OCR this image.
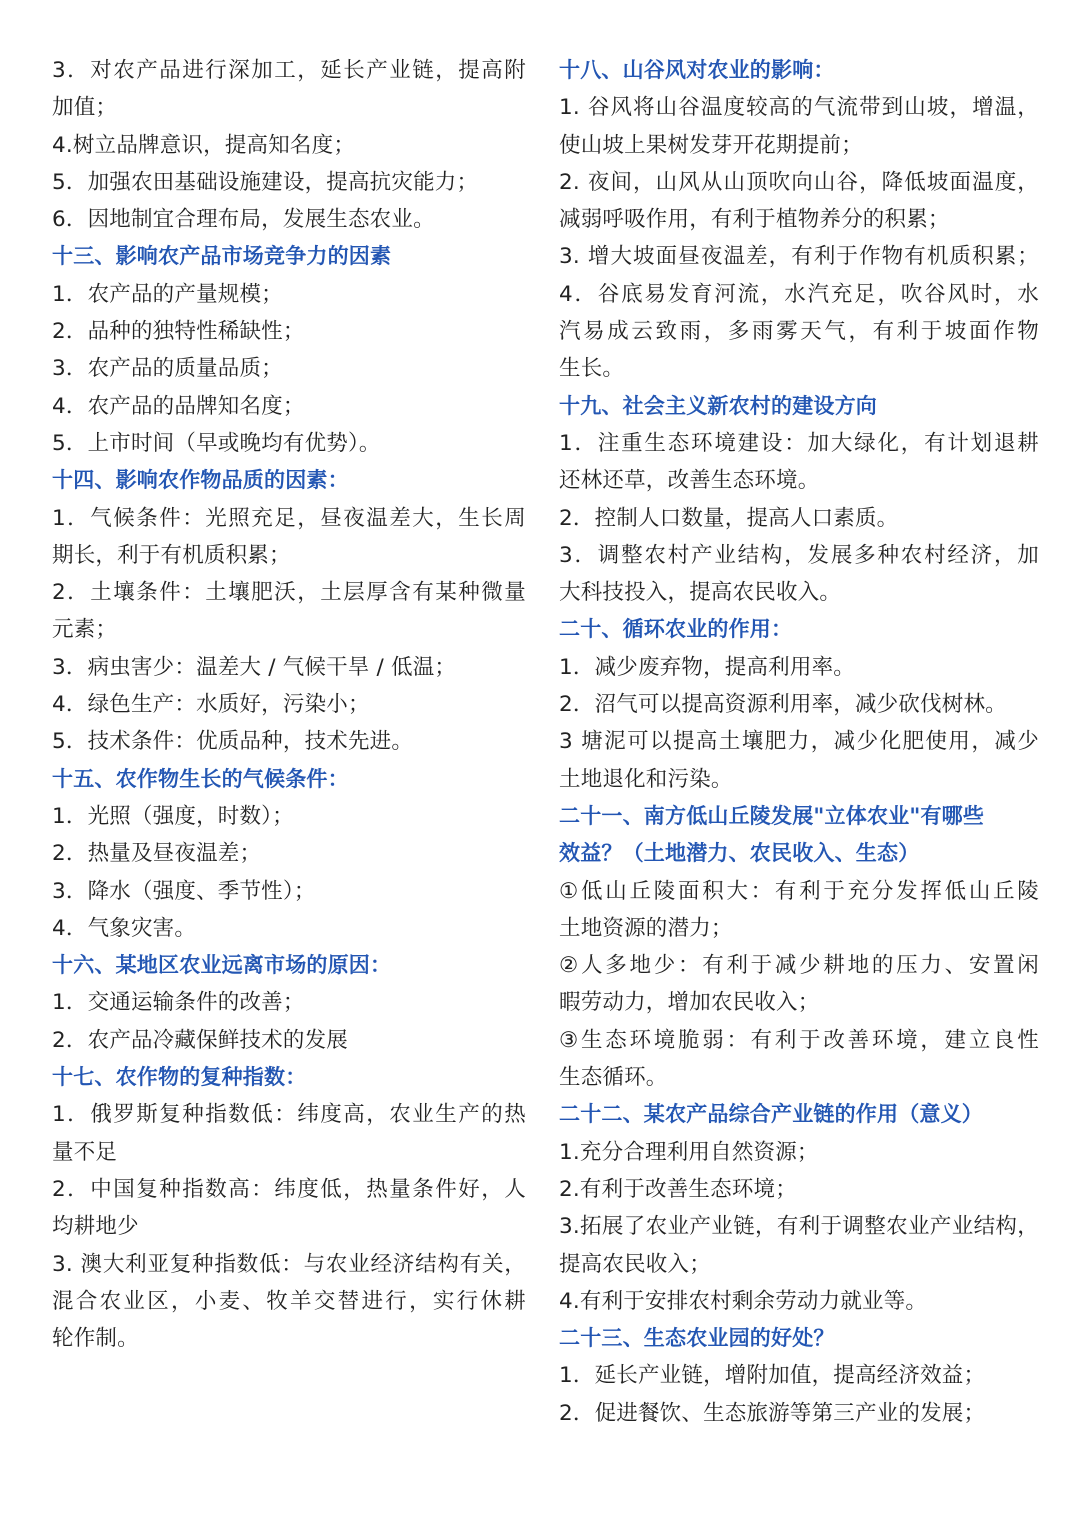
3．对农产品进行深加工，延长产业链，提高附
加值；
4.树立品牌意识，提高知名度；
5．加强农田基础设施建设，提高抗灾能力；
6．因地制宜合理布局，发展生态农业。
十三、影响农产品市场竞争力的因素
1．农产品的产量规模；
2．品种的独特性稀缺性；
3．农产品的质量品质；
4．农产品的品牌知名度；
5．上市时间（早或晚均有优势）。
十四、影响农作物品质的因素：
1．气候条件：光照充足，昼夜温差大，生长周
期长，利于有机质积累；
2．土壤条件：土壤肥沃，土层厚含有某种微量
元素；
3．病虫害少：温差大 / 气候干旱 / 低温；
4．绿色生产：水质好，污染小；
5．技术条件：优质品种，技术先进。
十五、农作物生长的气候条件：
1．光照（强度，时数）；
2．热量及昼夜温差；
3．降水（强度、季节性）；
4．气象灾害。
十六、某地区农业远离市场的原因：
1．交通运输条件的改善；
2．农产品冷藏保鲜技术的发展
十七、农作物的复种指数：
1．俄罗斯复种指数低：纬度高，农业生产的热
量不足
2．中国复种指数高：纬度低，热量条件好，人
均耕地少
3. 澳大利亚复种指数低：与农业经济结构有关，
混合农业区，小麦、牧羊交替进行，实行休耕
轮作制。
十八、山谷风对农业的影响：
1. 谷风将山谷温度较高的气流带到山坡，增温，
使山坡上果树发芽开花期提前；
2. 夜间，山风从山顶吹向山谷，降低坡面温度，
减弱呼吸作用，有利于植物养分的积累；
3. 增大坡面昼夜温差，有利于作物有机质积累；
4．谷底易发育河流，水汽充足，吹谷风时，水
汽易成云致雨，多雨雾天气，有利于坡面作物
生长。
十九、社会主义新农村的建设方向
1．注重生态环境建设：加大绿化，有计划退耕
还林还草，改善生态环境。
2．控制人口数量，提高人口素质。
3．调整农村产业结构，发展多种农村经济，加
大科技投入，提高农民收入。
二十、循环农业的作用：
1．减少废弃物，提高利用率。
2．沼气可以提高资源利用率，减少砍伐树林。
3 塘泥可以提高土壤肥力，减少化肥使用，减少
土地退化和污染。
二十一、南方低山丘陵发展"立体农业"有哪些
效益？（土地潜力、农民收入、生态）
①低山丘陵面积大：有利于充分发挥低山丘陵
土地资源的潜力；
②人多地少：有利于减少耕地的压力、安置闲
暇劳动力，增加农民收入；
③生态环境脆弱：有利于改善环境，建立良性
生态循环。
二十二、某农产品综合产业链的作用（意义）
1.充分合理利用自然资源；
2.有利于改善生态环境；
3.拓展了农业产业链，有利于调整农业产业结构，
提高农民收入；
4.有利于安排农村剩余劳动力就业等。
二十三、生态农业园的好处？
1．延长产业链，增附加值，提高经济效益；
2．促进餐饮、生态旅游等第三产业的发展；
